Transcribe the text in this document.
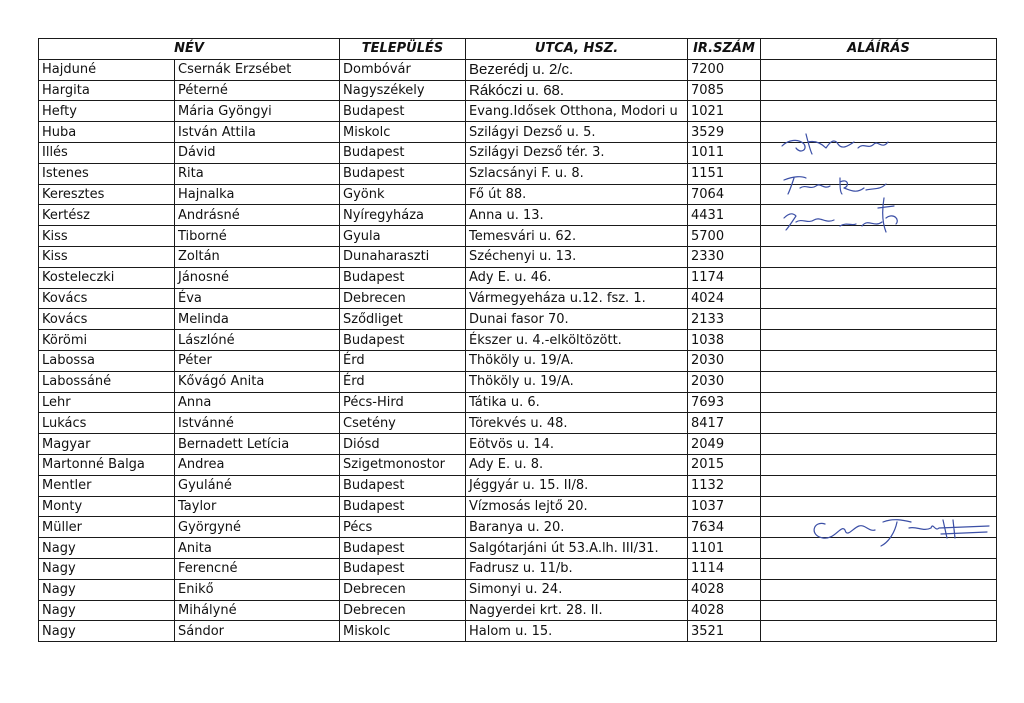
NÉV		TELEPÜLÉS	UTCA, HSZ.	IR.SZÁM	ALÁÍRÁS
Hajduné	Csernák Erzsébet	Dombóvár	Bezerédj u. 2/c.	7200	
Hargita	Péterné	Nagyszékely	Rákóczi u. 68.	7085	
Hefty	Mária Gyöngyi	Budapest	Evang.Idősek Otthona, Modori u	1021	
Huba	István Attila	Miskolc	Szilágyi Dezső u. 5.	3529	
Illés	Dávid	Budapest	Szilágyi Dezső tér. 3.	1011	
Istenes	Rita	Budapest	Szlacsányi F. u. 8.	1151	
Keresztes	Hajnalka	Gyönk	Fő út 88.	7064	
Kertész	Andrásné	Nyíregyháza	Anna u. 13.	4431	
Kiss	Tiborné	Gyula	Temesvári u. 62.	5700	
Kiss	Zoltán	Dunaharaszti	Széchenyi u. 13.	2330	
Kosteleczki	Jánosné	Budapest	Ady E. u. 46.	1174	
Kovács	Éva	Debrecen	Vármegyeháza u.12. fsz. 1.	4024	
Kovács	Melinda	Sződliget	Dunai fasor 70.	2133	
Körömi	Lászlóné	Budapest	Ékszer u. 4.-elköltözött.	1038	
Labossa	Péter	Érd	Thököly u. 19/A.	2030	
Labossáné	Kővágó Anita	Érd	Thököly u. 19/A.	2030	
Lehr	Anna	Pécs-Hird	Tátika u. 6.	7693	
Lukács	Istvánné	Csetény	Törekvés u. 48.	8417	
Magyar	Bernadett Letícia	Diósd	Eötvös u. 14.	2049	
Martonné Balga	Andrea	Szigetmonostor	Ady E. u. 8.	2015	
Mentler	Gyuláné	Budapest	Jéggyár u. 15. II/8.	1132	
Monty	Taylor	Budapest	Vízmosás lejtő 20.	1037	
Müller	Györgyné	Pécs	Baranya u. 20.	7634	
Nagy	Anita	Budapest	Salgótarjáni út 53.A.lh. III/31.	1101	
Nagy	Ferencné	Budapest	Fadrusz u. 11/b.	1114	
Nagy	Enikő	Debrecen	Simonyi u. 24.	4028	
Nagy	Mihályné	Debrecen	Nagyerdei krt. 28. II.	4028	
Nagy	Sándor	Miskolc	Halom u. 15.	3521	
